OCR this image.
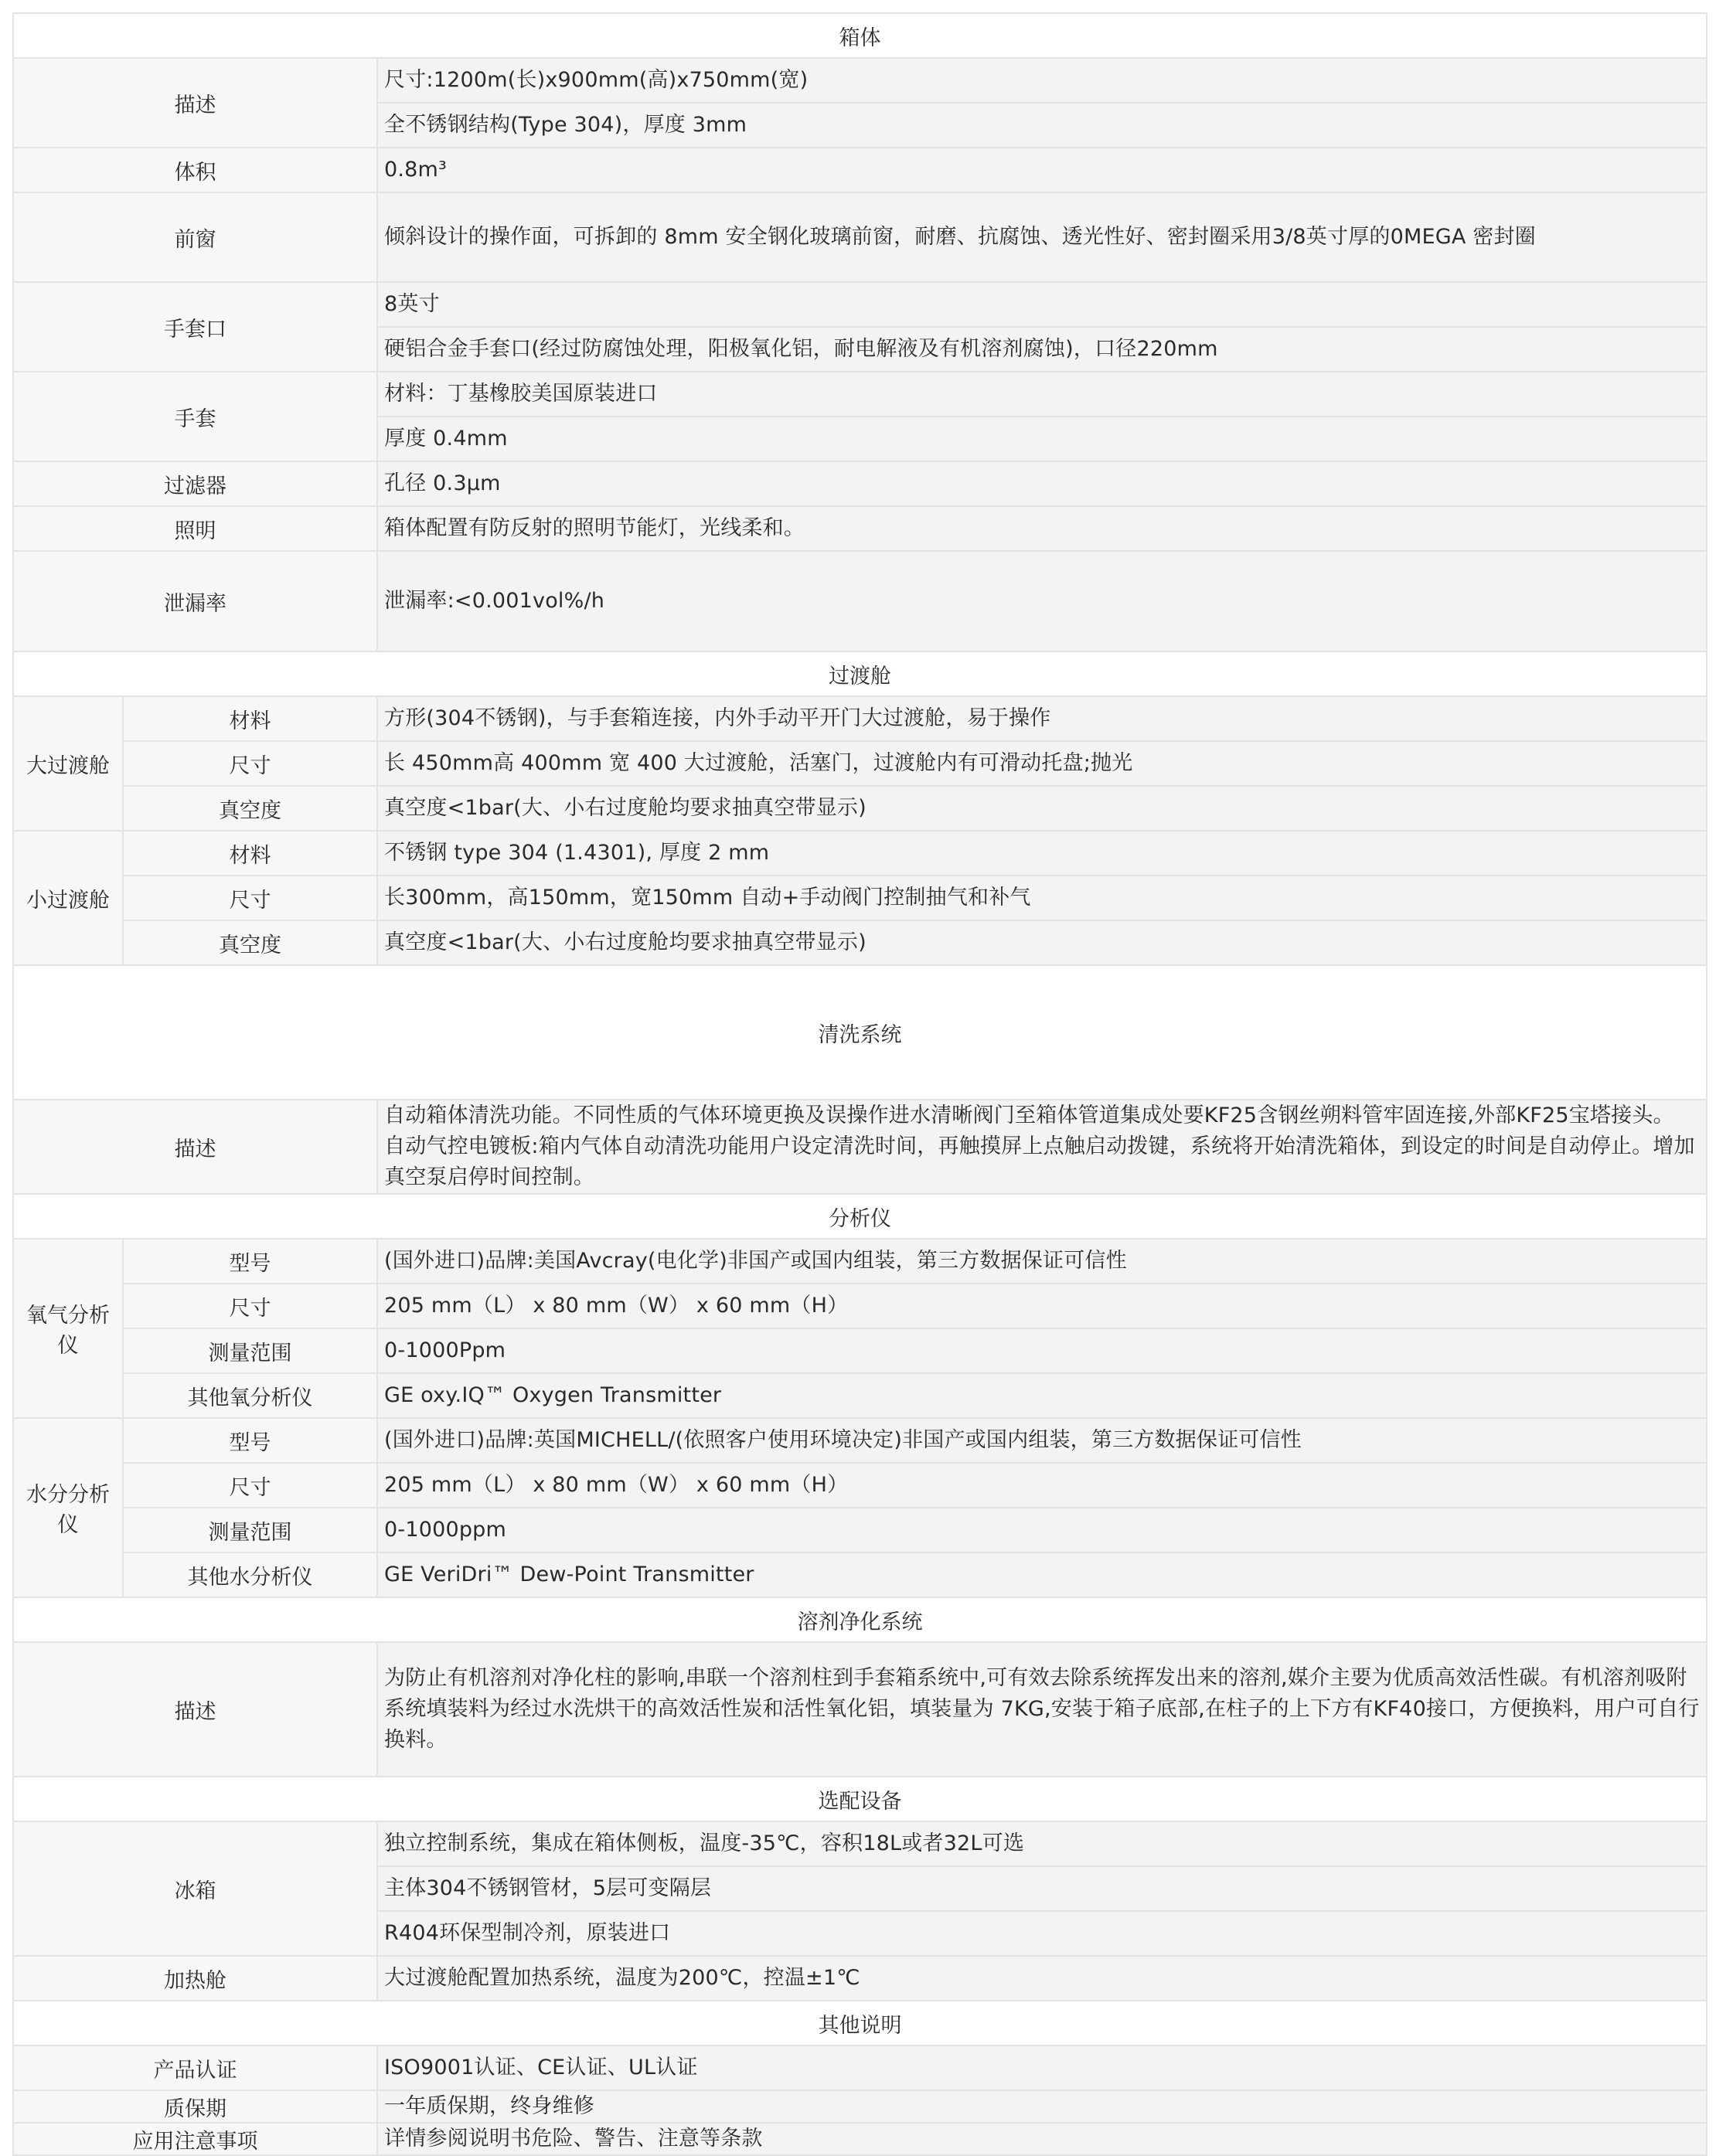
箱体		
描述		尺寸:1200m(长)x900mm(高)x750mm(宽)

		全不锈钢结构(Type 304)，厚度 3mm

体积		0.8m³

前窗		倾斜设计的操作面，可拆卸的 8mm 安全钢化玻璃前窗，耐磨、抗腐蚀、透光性好、密封圈采用3/8英寸厚的0MEGA 密封圈

手套口		8英寸

		硬铝合金手套口(经过防腐蚀处理，阳极氧化铝，耐电解液及有机溶剂腐蚀)，口径220mm

手套		材料：丁基橡胶美国原装进口

		厚度 0.4mm

过滤器		孔径 0.3μm

照明		箱体配置有防反射的照明节能灯，光线柔和。

泄漏率		泄漏率:<0.001vol%/h

过渡舱		
大过渡舱	材料	方形(304不锈钢)，与手套箱连接，内外手动平开门大过渡舱，易于操作
	尺寸	长 450mm高 400mm 宽 400 大过渡舱，活塞门，过渡舱内有可滑动托盘;抛光
	真空度	真空度<1bar(大、小右过度舱均要求抽真空带显示)
小过渡舱	材料	不锈钢 type 304 (1.4301), 厚度 2 mm
	尺寸	长300mm，高150mm，宽150mm 自动+手动阀门控制抽气和补气
	真空度	真空度<1bar(大、小右过度舱均要求抽真空带显示)
清洗系统		
描述		自动箱体清洗功能。不同性质的气体环境更换及误操作进水清晰阀门至箱体管道集成处要KF25含钢丝朔料管牢固连接,外部KF25宝塔接头。
自动气控电镀板:箱内气体自动清洗功能用户设定清洗时间，再触摸屏上点触启动拨键，系统将开始清洗箱体，到设定的时间是自动停止。增加真空泵启停时间控制。

分析仪		
氧气分析仪	型号	(国外进口)品牌:美国Avcray(电化学)非国产或国内组装，第三方数据保证可信性
	尺寸	205 mm（L） x 80 mm（W） x 60 mm（H）
	测量范围	0-1000Ppm
	其他氧分析仪	GE oxy.IQ™ Oxygen Transmitter
水分分析仪	型号	(国外进口)品牌:英国MICHELL/(依照客户使用环境决定)非国产或国内组装，第三方数据保证可信性
	尺寸	205 mm（L） x 80 mm（W） x 60 mm（H）
	测量范围	0-1000ppm
	其他水分析仪	GE VeriDri™ Dew-Point Transmitter
溶剂净化系统		
描述		为防止有机溶剂对净化柱的影响,串联一个溶剂柱到手套箱系统中,可有效去除系统挥发出来的溶剂,媒介主要为优质高效活性碳。有机溶剂吸附系统填装料为经过水洗烘干的高效活性炭和活性氧化铝，填装量为 7KG,安装于箱子底部,在柱子的上下方有KF40接口，方便换料，用户可自行换料。

选配设备		
冰箱		独立控制系统，集成在箱体侧板，温度-35℃，容积18L或者32L可选

		主体304不锈钢管材，5层可变隔层

		R404环保型制冷剂，原装进口

加热舱		大过渡舱配置加热系统，温度为200℃，控温±1℃

其他说明		
产品认证		ISO9001认证、CE认证、UL认证

质保期		一年质保期，终身维修

应用注意事项		详情参阅说明书危险、警告、注意等条款
